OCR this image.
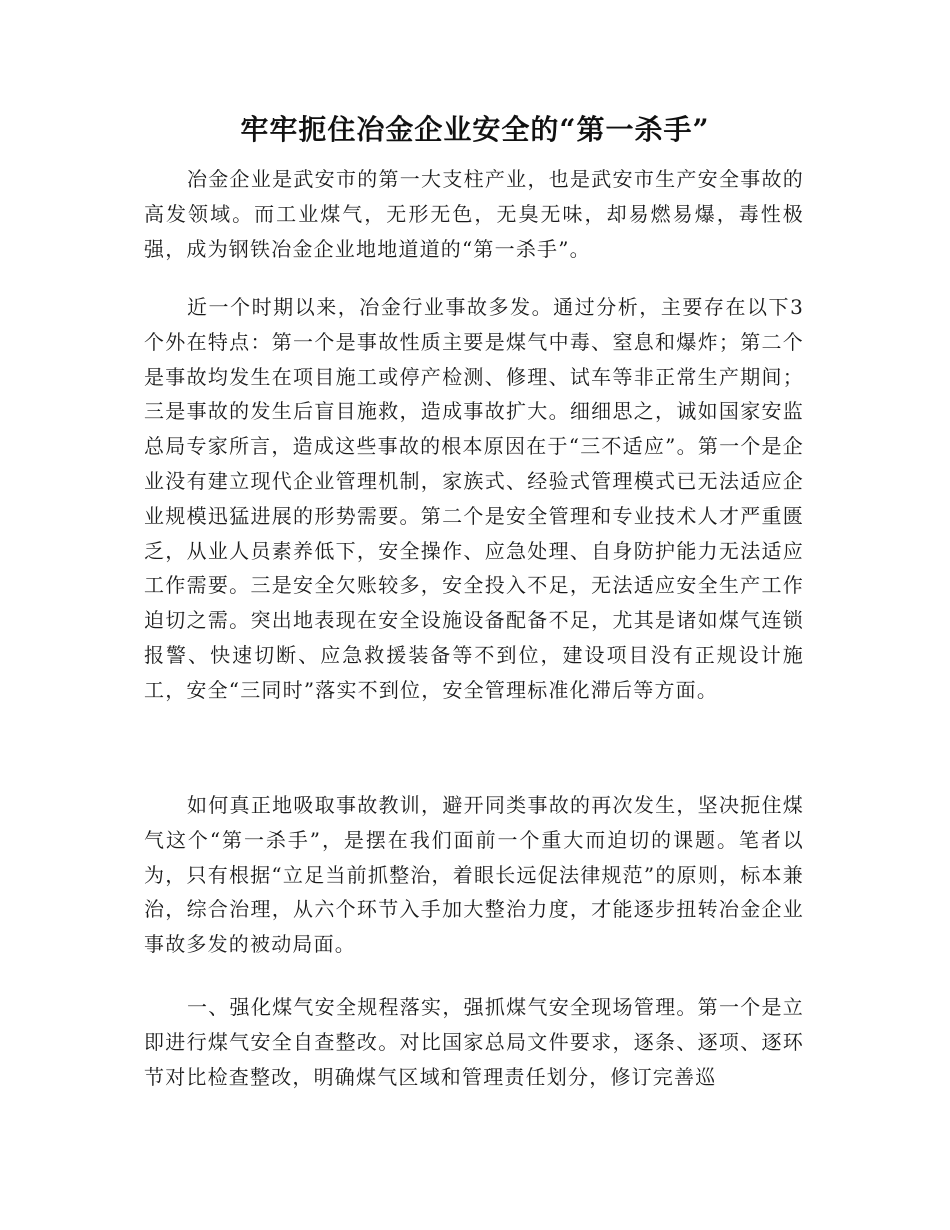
牢牢扼住冶金企业安全的“第一杀手”

冶金企业是武安市的第一大支柱产业，也是武安市生产安全事故的高发领域。而工业煤气，无形无色，无臭无味，却易燃易爆，毒性极强，成为钢铁冶金企业地地道道的“第一杀手”。

近一个时期以来，冶金行业事故多发。通过分析，主要存在以下3个外在特点：第一个是事故性质主要是煤气中毒、窒息和爆炸；第二个是事故均发生在项目施工或停产检测、修理、试车等非正常生产期间；三是事故的发生后盲目施救，造成事故扩大。细细思之，诚如国家安监总局专家所言，造成这些事故的根本原因在于“三不适应”。第一个是企业没有建立现代企业管理机制，家族式、经验式管理模式已无法适应企业规模迅猛进展的形势需要。第二个是安全管理和专业技术人才严重匮乏，从业人员素养低下，安全操作、应急处理、自身防护能力无法适应工作需要。三是安全欠账较多，安全投入不足，无法适应安全生产工作迫切之需。突出地表现在安全设施设备配备不足，尤其是诸如煤气连锁报警、快速切断、应急救援装备等不到位，建设项目没有正规设计施工，安全“三同时”落实不到位，安全管理标准化滞后等方面。

如何真正地吸取事故教训，避开同类事故的再次发生，坚决扼住煤气这个“第一杀手”，是摆在我们面前一个重大而迫切的课题。笔者以为，只有根据“立足当前抓整治，着眼长远促法律规范”的原则，标本兼治，综合治理，从六个环节入手加大整治力度，才能逐步扭转冶金企业事故多发的被动局面。

一、强化煤气安全规程落实，强抓煤气安全现场管理。第一个是立即进行煤气安全自查整改。对比国家总局文件要求，逐条、逐项、逐环节对比检查整改，明确煤气区域和管理责任划分，修订完善巡
